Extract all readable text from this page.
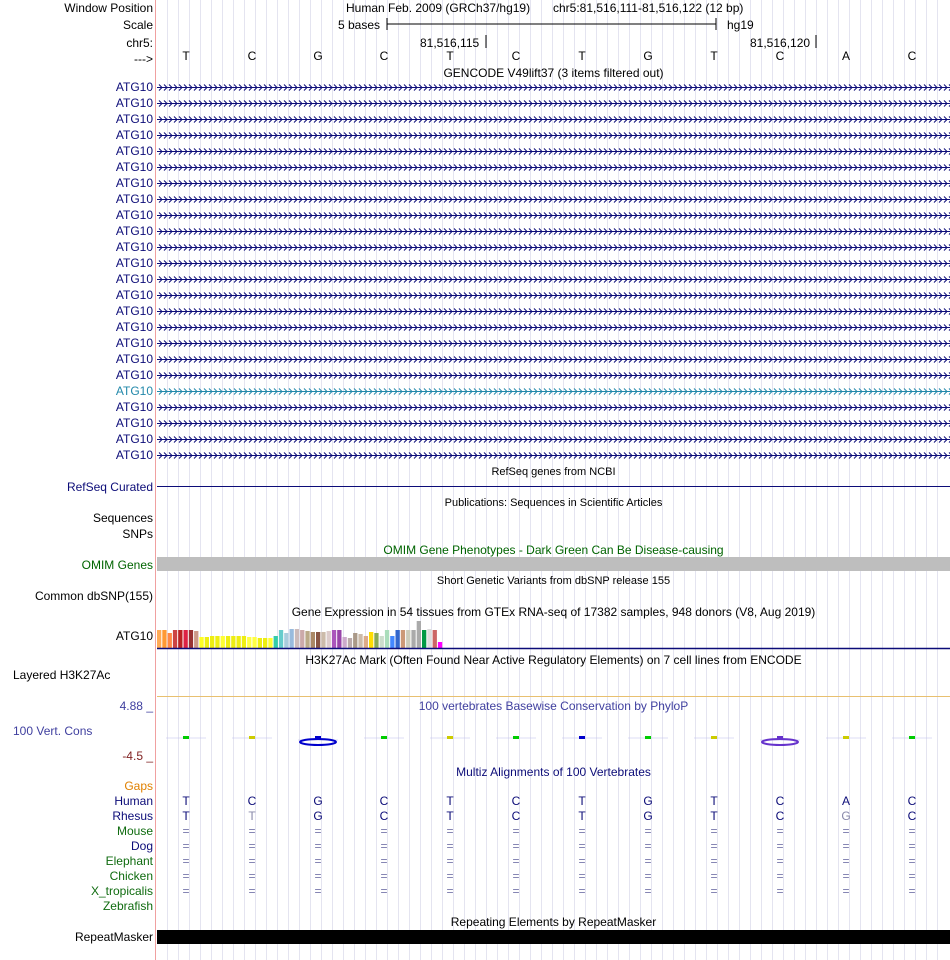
Window Position
Scale
chr5:
--->
Human Feb. 2009 (GRCh37/hg19) chr5:81,516,111-81,516,122 (12 bp)
5 bases	hg19
81,516,115	81,516,120
T	C	G	C	T	C	T	G	T	C	A	C
GENCODE V49lift37 (3 items filtered out)
ATG10
ATG10
ATG10
ATG10
ATG10
ATG10
ATG10
ATG10
ATG10
ATG10
ATG10
ATG10
ATG10
ATG10
ATG10
ATG10
ATG10
ATG10
ATG10
ATG10
ATG10
ATG10
ATG10
ATG10
RefSeq genes from NCBI
RefSeq Curated
Publications: Sequences in Scientific Articles
Sequences
SNPs
OMIM Gene Phenotypes - Dark Green Can Be Disease-causing
OMIM Genes
Short Genetic Variants from dbSNP release 155
Common dbSNP(155)
Gene Expression in 54 tissues from GTEx RNA-seq of 17382 samples, 948 donors (V8, Aug 2019)
ATG10
H3K27Ac Mark (Often Found Near Active Regulatory Elements) on 7 cell lines from ENCODE
Layered H3K27Ac
100 vertebrates Basewise Conservation by PhyloP
4.88 _
100 Vert. Cons
-4.5 _
Multiz Alignments of 100 Vertebrates
Gaps
Human T	C	G	C	T	C	T	G	T	C	A	C
Rhesus T	T	G	C	T	C	T	G	T	C	G	C
Mouse =	=	=	=	=	=	=	=	=	=	=	=
Dog =	=	=	=	=	=	=	=	=	=	=	=
Elephant =	=	=	=	=	=	=	=	=	=	=	=
Chicken =	=	=	=	=	=	=	=	=	=	=	=
X_tropicalis =	=	=	=	=	=	=	=	=	=	=	=
Zebrafish
Repeating Elements by RepeatMasker
RepeatMasker
